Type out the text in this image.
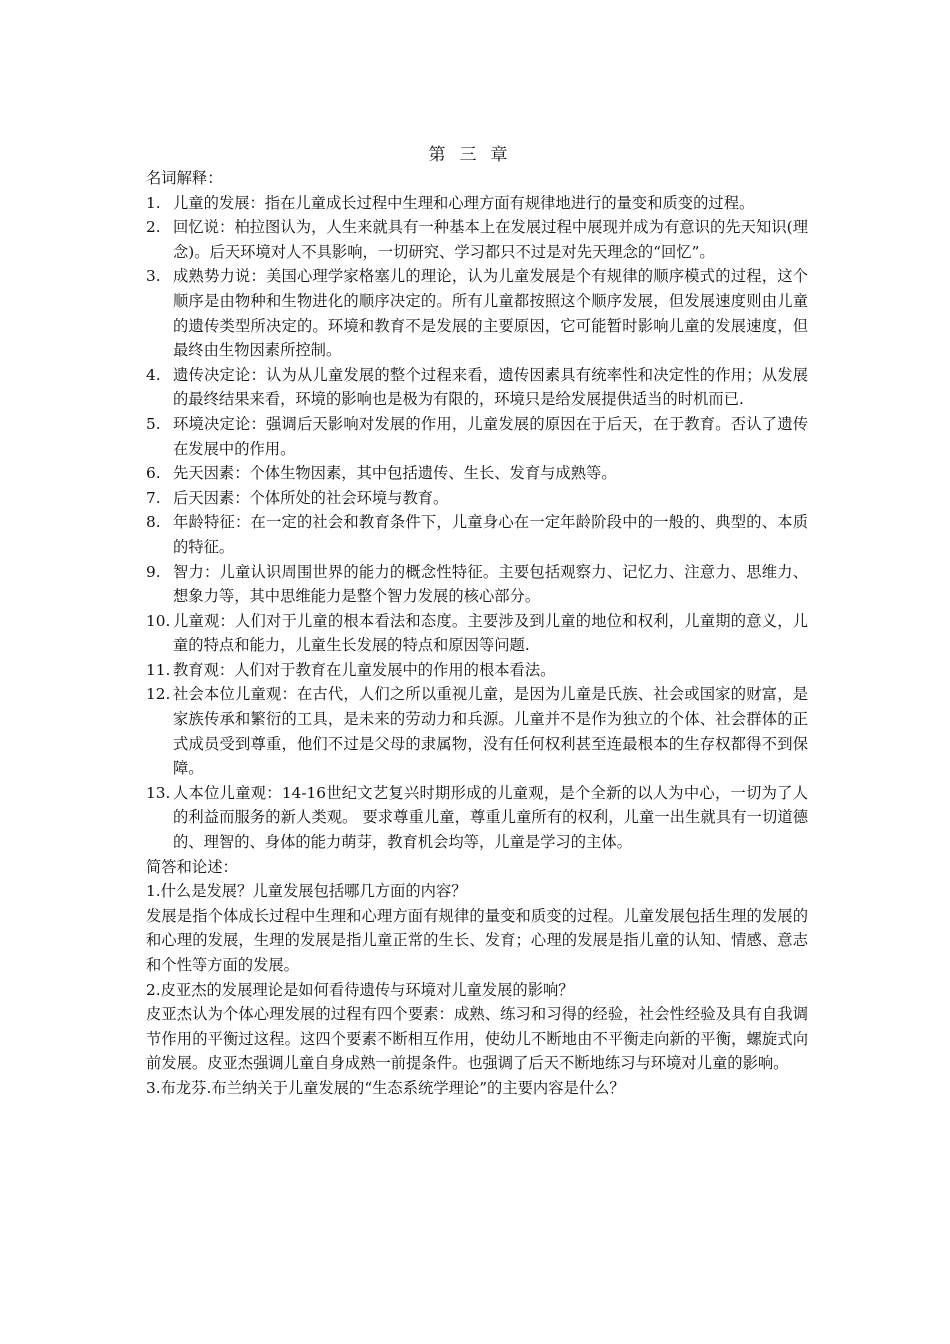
第三章
名词解释：
1. 儿童的发展：指在儿童成长过程中生理和心理方面有规律地进行的量变和质变的过程。
2. 回忆说：柏拉图认为，人生来就具有一种基本上在发展过程中展现并成为有意识的先天知识(理念)。后天环境对人不具影响，一切研究、学习都只不过是对先天理念的“回忆”。
3. 成熟势力说：美国心理学家格塞儿的理论，认为儿童发展是个有规律的顺序模式的过程，这个顺序是由物种和生物进化的顺序决定的。所有儿童都按照这个顺序发展，但发展速度则由儿童的遗传类型所决定的。环境和教育不是发展的主要原因，它可能暂时影响儿童的发展速度，但最终由生物因素所控制。
4. 遗传决定论：认为从儿童发展的整个过程来看，遗传因素具有统率性和决定性的作用；从发展的最终结果来看，环境的影响也是极为有限的，环境只是给发展提供适当的时机而已.
5. 环境决定论：强调后天影响对发展的作用，儿童发展的原因在于后天，在于教育。否认了遗传在发展中的作用。
6. 先天因素：个体生物因素，其中包括遗传、生长、发育与成熟等。
7. 后天因素：个体所处的社会环境与教育。
8. 年龄特征：在一定的社会和教育条件下，儿童身心在一定年龄阶段中的一般的、典型的、本质的特征。
9. 智力：儿童认识周围世界的能力的概念性特征。主要包括观察力、记忆力、注意力、思维力、想象力等，其中思维能力是整个智力发展的核心部分。
10. 儿童观：人们对于儿童的根本看法和态度。主要涉及到儿童的地位和权利，儿童期的意义，儿童的特点和能力，儿童生长发展的特点和原因等问题.
11. 教育观：人们对于教育在儿童发展中的作用的根本看法。
12. 社会本位儿童观：在古代，人们之所以重视儿童，是因为儿童是氏族、社会或国家的财富，是家族传承和繁衍的工具，是未来的劳动力和兵源。儿童并不是作为独立的个体、社会群体的正式成员受到尊重，他们不过是父母的隶属物，没有任何权利甚至连最根本的生存权都得不到保障。
13. 人本位儿童观：14-16世纪文艺复兴时期形成的儿童观，是个全新的以人为中心，一切为了人的利益而服务的新人类观。 要求尊重儿童，尊重儿童所有的权利，儿童一出生就具有一切道德的、理智的、身体的能力萌芽，教育机会均等，儿童是学习的主体。
简答和论述：
1.什么是发展？儿童发展包括哪几方面的内容？
发展是指个体成长过程中生理和心理方面有规律的量变和质变的过程。儿童发展包括生理的发展的和心理的发展，生理的发展是指儿童正常的生长、发育；心理的发展是指儿童的认知、情感、意志和个性等方面的发展。
2.皮亚杰的发展理论是如何看待遗传与环境对儿童发展的影响？
皮亚杰认为个体心理发展的过程有四个要素：成熟、练习和习得的经验，社会性经验及具有自我调节作用的平衡过这程。这四个要素不断相互作用，使幼儿不断地由不平衡走向新的平衡，螺旋式向前发展。皮亚杰强调儿童自身成熟一前提条件。也强调了后天不断地练习与环境对儿童的影响。
3.布龙芬.布兰纳关于儿童发展的“生态系统学理论”的主要内容是什么？
